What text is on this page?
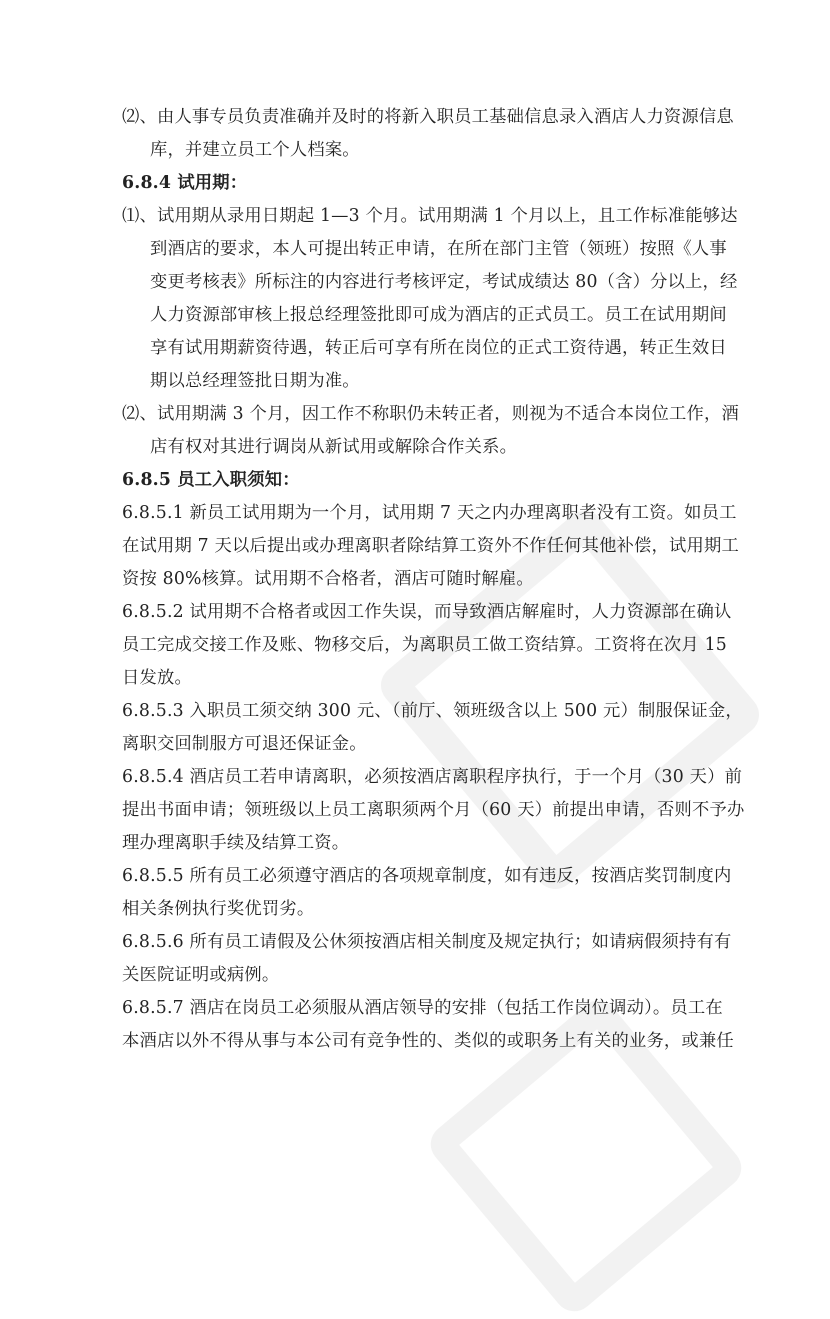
⑵、由人事专员负责准确并及时的将新入职员工基础信息录入酒店人力资源信息
库，并建立员工个人档案。
6.8.4 试用期：
⑴、试用期从录用日期起 1—3 个月。试用期满 1 个月以上，且工作标准能够达
到酒店的要求，本人可提出转正申请，在所在部门主管（领班）按照《人事
变更考核表》所标注的内容进行考核评定，考试成绩达 80（含）分以上，经
人力资源部审核上报总经理签批即可成为酒店的正式员工。员工在试用期间
享有试用期薪资待遇，转正后可享有所在岗位的正式工资待遇，转正生效日
期以总经理签批日期为准。
⑵、试用期满 3 个月，因工作不称职仍未转正者，则视为不适合本岗位工作，酒
店有权对其进行调岗从新试用或解除合作关系。
6.8.5 员工入职须知：
6.8.5.1 新员工试用期为一个月，试用期 7 天之内办理离职者没有工资。如员工
在试用期 7 天以后提出或办理离职者除结算工资外不作任何其他补偿，试用期工
资按 80%核算。试用期不合格者，酒店可随时解雇。
6.8.5.2 试用期不合格者或因工作失误，而导致酒店解雇时，人力资源部在确认
员工完成交接工作及账、物移交后，为离职员工做工资结算。工资将在次月 15
日发放。
6.8.5.3 入职员工须交纳 300 元、（前厅、领班级含以上 500 元）制服保证金，
离职交回制服方可退还保证金。
6.8.5.4 酒店员工若申请离职，必须按酒店离职程序执行，于一个月（30 天）前
提出书面申请；领班级以上员工离职须两个月（60 天）前提出申请，否则不予办
理办理离职手续及结算工资。
6.8.5.5 所有员工必须遵守酒店的各项规章制度，如有违反，按酒店奖罚制度内
相关条例执行奖优罚劣。
6.8.5.6 所有员工请假及公休须按酒店相关制度及规定执行；如请病假须持有有
关医院证明或病例。
6.8.5.7 酒店在岗员工必须服从酒店领导的安排（包括工作岗位调动）。员工在
本酒店以外不得从事与本公司有竞争性的、类似的或职务上有关的业务，或兼任
